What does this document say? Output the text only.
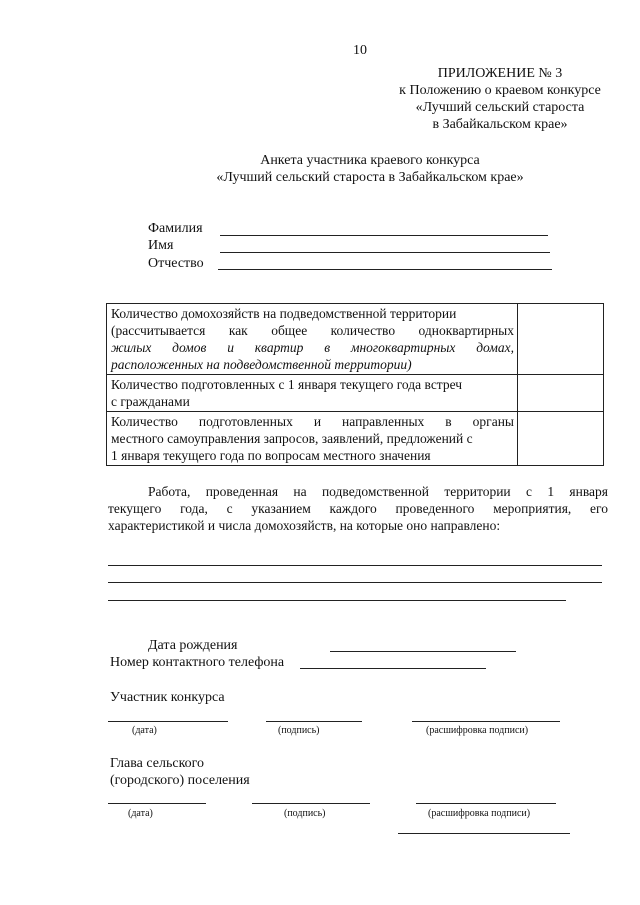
10
ПРИЛОЖЕНИЕ № 3
к Положению о краевом конкурсе
«Лучший сельский староста
в Забайкальском крае»
Анкета участника краевого конкурса
«Лучший сельский староста в Забайкальском крае»
Фамилия
Имя
Отчество
Количество домохозяйств на подведомственной территории
(рассчитывается как общее количество одноквартирных
жилых домов и квартир в многоквартирных домах,
расположенных на подведомственной территории)	

Количество подготовленных с 1 января текущего года встреч
с гражданами	

Количество подготовленных и направленных в органы
местного самоуправления запросов, заявлений, предложений с
1 января текущего года по вопросам местного значения	

Работа, проведенная на подведомственной территории с 1 января
текущего года, с указанием каждого проведенного мероприятия, его
характеристикой и числа домохозяйств, на которые оно направлено:
Дата рождения
Номер контактного телефона
Участник конкурса
(дата)	(подпись)	(расшифровка подписи)
Глава сельского
(городского) поселения
(дата)	(подпись)	(расшифровка подписи)
